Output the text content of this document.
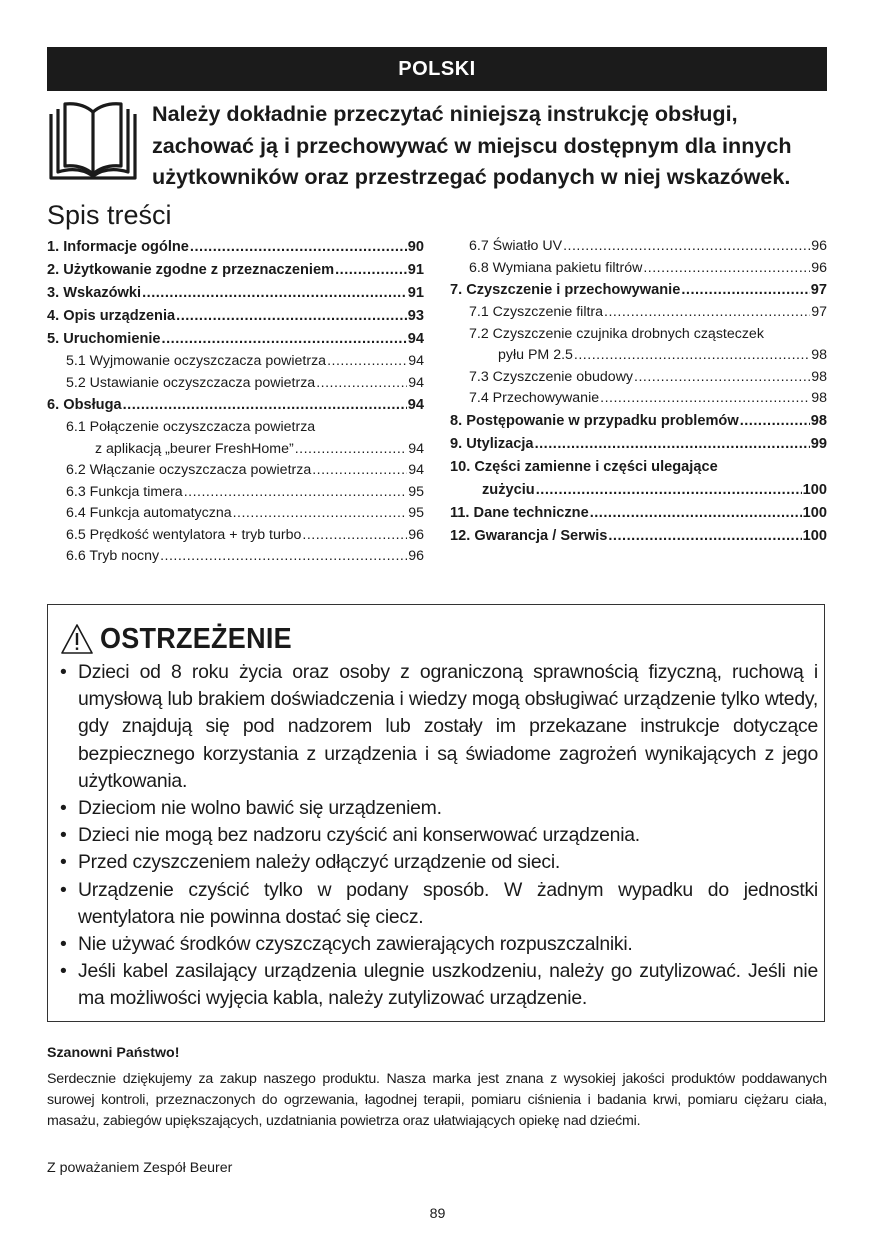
POLSKI
Należy dokładnie przeczytać niniejszą instrukcję obsługi,
zachować ją i przechowywać w miejscu dostępnym dla innych
użytkowników oraz przestrzegać podanych w niej wskazówek.
Spis treści
1. Informacje ogólne .....	90
2. Użytkowanie zgodne z przeznaczeniem .....	91
3. Wskazówki .....	91
4. Opis urządzenia .....	93
5. Uruchomienie .....	94
5.1 Wyjmowanie oczyszczacza powietrza .....	94
5.2 Ustawianie oczyszczacza powietrza .....	94
6. Obsługa .....	94
6.1 Połączenie oczyszczacza powietrza
z aplikacją „beurer FreshHome” .....	94
6.2 Włączanie oczyszczacza powietrza .....	94
6.3 Funkcja timera .....	95
6.4 Funkcja automatyczna .....	95
6.5 Prędkość wentylatora + tryb turbo .....	96
6.6 Tryb nocny .....	96
6.7 Światło UV .....	96
6.8 Wymiana pakietu filtrów .....	96
7. Czyszczenie i przechowywanie .....	97
7.1 Czyszczenie filtra .....	97
7.2 Czyszczenie czujnika drobnych cząsteczek
pyłu PM 2.5 .....	98
7.3 Czyszczenie obudowy .....	98
7.4 Przechowywanie .....	98
8. Postępowanie w przypadku problemów .....	98
9. Utylizacja .....	99
10. Części zamienne i części ulegające
zużyciu .....	100
11. Dane techniczne .....	100
12. Gwarancja / Serwis .....	100
OSTRZEŻENIE
• Dzieci od 8 roku życia oraz osoby z ograniczoną sprawnością fizyczną, ruchową i umysłową lub brakiem doświadczenia i wiedzy mogą obsługiwać urządzenie tylko wtedy, gdy znajdują się pod nadzorem lub zostały im przekazane instrukcje dotyczące bezpiecznego korzystania z urządzenia i są świadome zagrożeń wynikających z jego użytkowania.
• Dzieciom nie wolno bawić się urządzeniem.
• Dzieci nie mogą bez nadzoru czyścić ani konserwować urządzenia.
• Przed czyszczeniem należy odłączyć urządzenie od sieci.
• Urządzenie czyścić tylko w podany sposób. W żadnym wypadku do jednostki wentylatora nie powinna dostać się ciecz.
• Nie używać środków czyszczących zawierających rozpuszczalniki.
• Jeśli kabel zasilający urządzenia ulegnie uszkodzeniu, należy go zutylizować. Jeśli nie ma możliwości wyjęcia kabla, należy zutylizować urządzenie.
Szanowni Państwo!
Serdecznie dziękujemy za zakup naszego produktu. Nasza marka jest znana z wysokiej jakości produktów poddawanych surowej kontroli, przeznaczonych do ogrzewania, łagodnej terapii, pomiaru ciśnienia i badania krwi, pomiaru ciężaru ciała, masażu, zabiegów upiększających, uzdatniania powietrza oraz ułatwiających opiekę nad dziećmi.
Z poważaniem Zespół Beurer
89
